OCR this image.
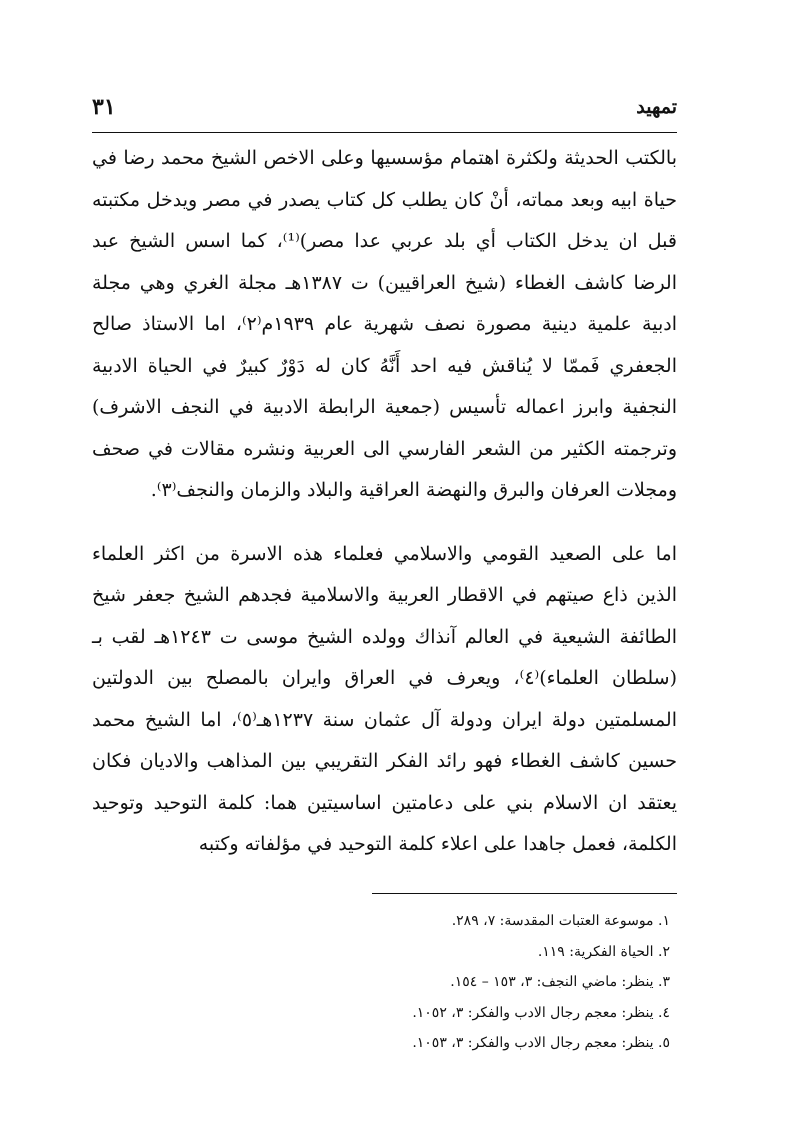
تمهيد
٣١

بالكتب الحديثة ولكثرة اهتمام مؤسسيها وعلى الاخص الشيخ محمد رضا في حياة ابيه وبعد مماته، أنْ كان يطلب كل كتاب يصدر في مصر ويدخل مكتبته قبل ان يدخل الكتاب أي بلد عربي عدا مصر)⁽¹⁾، كما اسس الشيخ عبد الرضا كاشف الغطاء (شيخ العراقيين) ت ١٣٨٧هـ مجلة الغري وهي مجلة ادبية علمية دينية مصورة نصف شهرية عام ١٩٣٩م⁽٢⁾، اما الاستاذ صالح الجعفري فَممّا لا يُناقش فيه احد أَنَّهُ كان له دَوْرٌ كبيرٌ في الحياة الادبية النجفية وابرز اعماله تأسيس (جمعية الرابطة الادبية في النجف الاشرف) وترجمته الكثير من الشعر الفارسي الى العربية ونشره مقالات في صحف ومجلات العرفان والبرق والنهضة العراقية والبلاد والزمان والنجف⁽٣⁾.

اما على الصعيد القومي والاسلامي فعلماء هذه الاسرة من اكثر العلماء الذين ذاع صيتهم في الاقطار العربية والاسلامية فجدهم الشيخ جعفر شيخ الطائفة الشيعية في العالم آنذاك وولده الشيخ موسى ت ١٢٤٣هـ لقب بـ (سلطان العلماء)⁽٤⁾، ويعرف في العراق وايران بالمصلح بين الدولتين المسلمتين دولة ايران ودولة آل عثمان سنة ١٢٣٧هـ⁽٥⁾، اما الشيخ محمد حسين كاشف الغطاء فهو رائد الفكر التقريبي بين المذاهب والاديان فكان يعتقد ان الاسلام بني على دعامتين اساسيتين هما: كلمة التوحيد وتوحيد الكلمة، فعمل جاهدا على اعلاء كلمة التوحيد في مؤلفاته وكتبه

١. موسوعة العتبات المقدسة: ٧، ٢٨٩.
٢. الحياة الفكرية: ١١٩.
٣. ينظر: ماضي النجف: ٣، ١٥٣ – ١٥٤.
٤. ينظر: معجم رجال الادب والفكر: ٣، ١٠٥٢.
٥. ينظر: معجم رجال الادب والفكر: ٣، ١٠٥٣.
